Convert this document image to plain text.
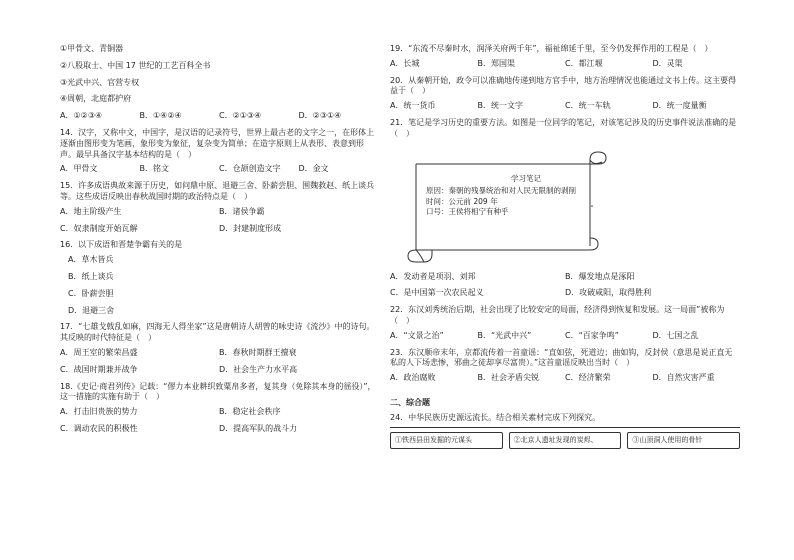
①甲骨文、青铜器
②八股取士、中国 17 世纪的工艺百科全书
③光武中兴、官营专权
④周朝，北庭都护府
A．①②③④	B．①④②④	C．②①③④	D．②③①④
14．汉字，又称中文，中国字，是汉语的记录符号，世界上最古老的文字之一，在形体上逐渐由图形变为笔画，象形变为象征，复杂变为简单；在造字原则上从表形、表意到形声。最早具备汉字基本结构的是（　）
A．甲骨文	B．铭文	C．仓颉创造文字	D．金文
15．许多成语典故来源于历史，如问鼎中原、退避三舍、卧薪尝胆、围魏救赵、纸上谈兵等。这些成语反映出春秋战国时期的政治特点是（　）
A．地主阶级产生	B．诸侯争霸
C．奴隶制度开始瓦解	D．封建制度形成
16．以下成语和晋楚争霸有关的是
A．草木皆兵
B．纸上谈兵
C．卧薪尝胆
D．退避三舍
17．“七雄戈戟乱如麻，四海无人得坐家”这是唐朝诗人胡曾的咏史诗《流沙》中的诗句。其反映的时代特征是（　）
A．周王室的繁荣昌盛	B．春秋时期群王擅衰
C．战国时期兼并战争	D．社会生产力水平高
18.《史记·商君列传》记载：“僇力本业耕织致粟帛多者，复其身（免除其本身的徭役）”，这一措施的实施有助于（　）
A．打击旧贵族的势力	B．稳定社会秩序
C．调动农民的积极性	D．提高军队的战斗力
19．“东流不尽秦时水，润泽关府两千年”，福祉绵延千里，至今仍发挥作用的工程是（　）
A．长城	B．郑国渠	C．都江堰	D．灵渠
20．从秦朝开始，政令可以准确地传递到地方官手中，地方治理情况也能通过文书上传。这主要得益于（　）
A．统一货币	B．统一文字	C．统一车轨	D．统一度量衡
21．笔记是学习历史的重要方法。如图是一位同学的笔记，对该笔记涉及的历史事件说法准确的是（　）
学习笔记
原因：秦朝的残暴统治和对人民无限制的剥削
时间：公元前 209 年
口号：王侯将相宁有种乎
A．发动者是项羽、刘邦	B．爆发地点是涿阳
C．是中国第一次农民起义	D．攻破咸阳，取得胜利
22．东汉刘秀统治后期，社会出现了比较安定的局面，经济得到恢复和发展。这一局面”被称为（　）
A．“文景之治”	B．“光武中兴”	C．“百家争鸣”	D．七国之乱
23．东汉顺帝末年，京都流传着一首童谣：“直如弦，死道边；曲如钩，反封侯（意思是说正直无私的人下场悲惨，邪曲之徒却享尽富贵）。”这首童谣反映出当时（　）
A．政治腐败	B．社会矛盾尖锐	C．经济繁荣	D．自然灾害严重
二、综合题
24．中华民族历史源远流长。结合相关素材完成下列探究。
①铁西县田发掘的元谋头	②北京人遗址发现的炭烬、	③山顶洞人使用的骨针
